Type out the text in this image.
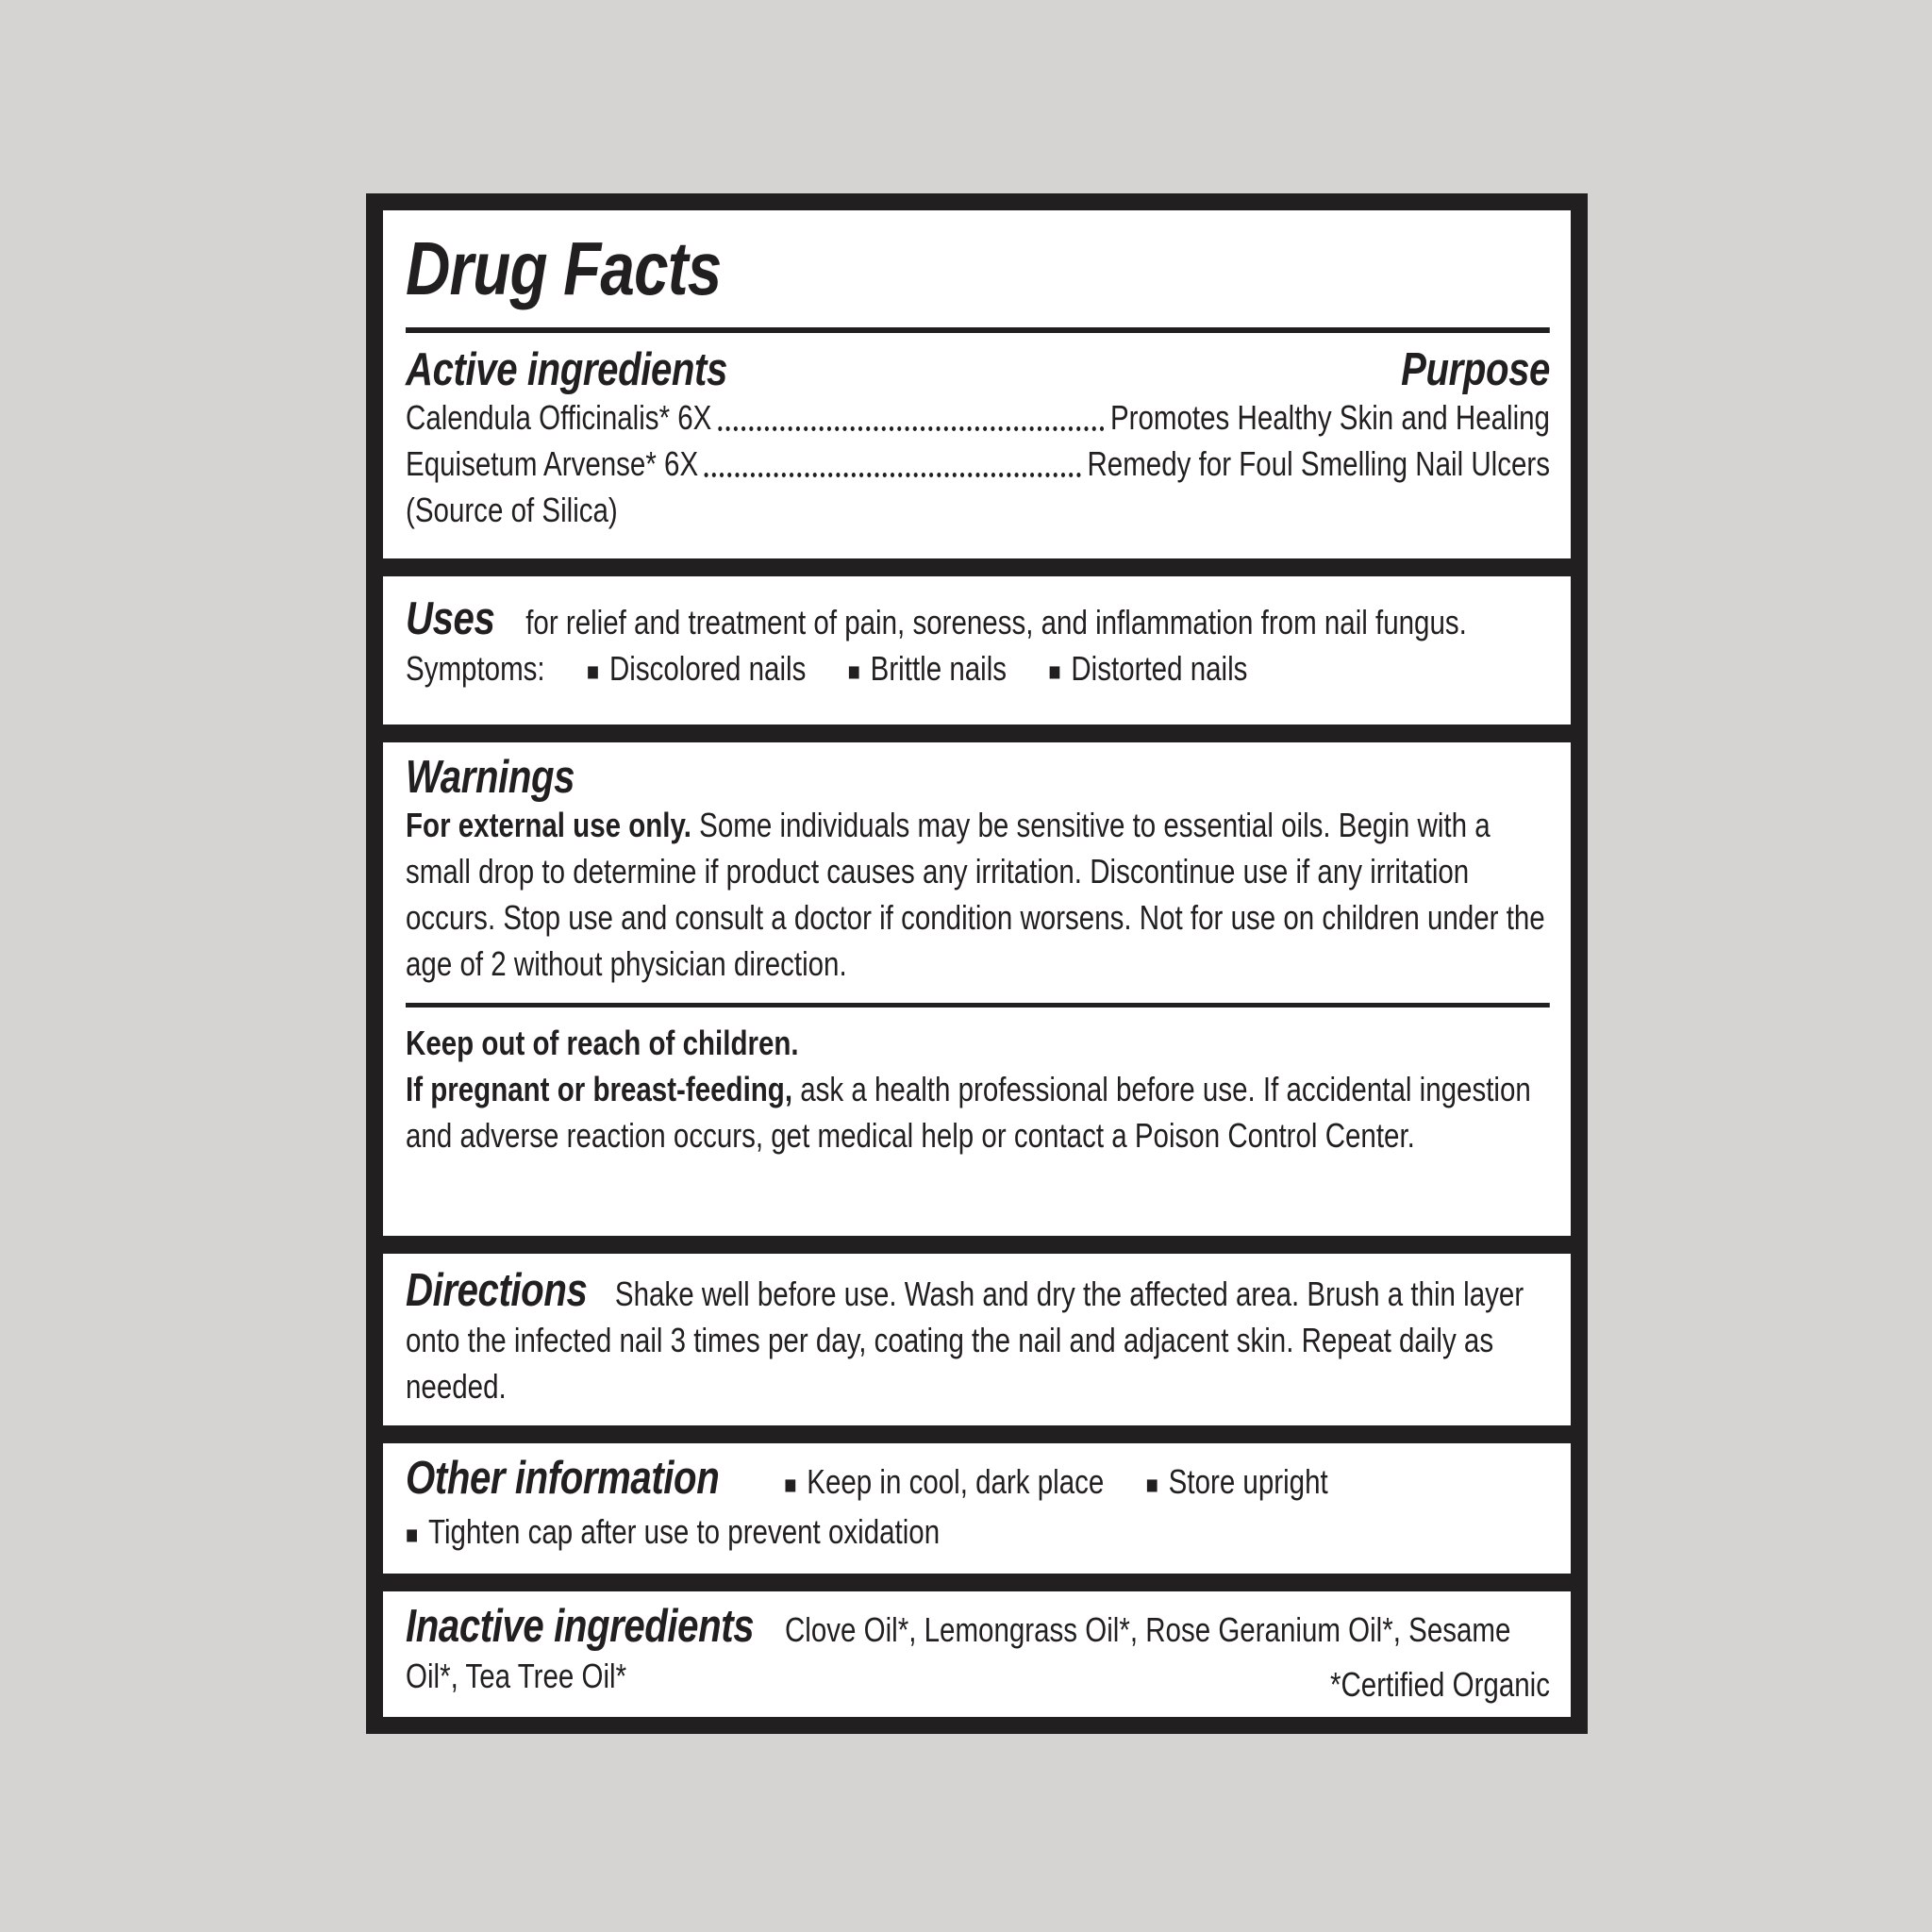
Drug Facts
Active ingredients	Purpose
Calendula Officinalis* 6X	Promotes Healthy Skin and Healing
Equisetum Arvense* 6X	Remedy for Foul Smelling Nail Ulcers
(Source of Silica)
Uses for relief and treatment of pain, soreness, and inflammation from nail fungus. Symptoms: ■ Discolored nails ■ Brittle nails ■ Distorted nails
Warnings
For external use only. Some individuals may be sensitive to essential oils. Begin with a small drop to determine if product causes any irritation. Discontinue use if any irritation occurs. Stop use and consult a doctor if condition worsens. Not for use on children under the age of 2 without physician direction.
Keep out of reach of children.
If pregnant or breast-feeding, ask a health professional before use. If accidental ingestion and adverse reaction occurs, get medical help or contact a Poison Control Center.
Directions Shake well before use. Wash and dry the affected area. Brush a thin layer onto the infected nail 3 times per day, coating the nail and adjacent skin. Repeat daily as needed.
Other information	■ Keep in cool, dark place ■ Store upright
■ Tighten cap after use to prevent oxidation
Inactive ingredients Clove Oil*, Lemongrass Oil*, Rose Geranium Oil*, Sesame Oil*, Tea Tree Oil*	*Certified Organic
